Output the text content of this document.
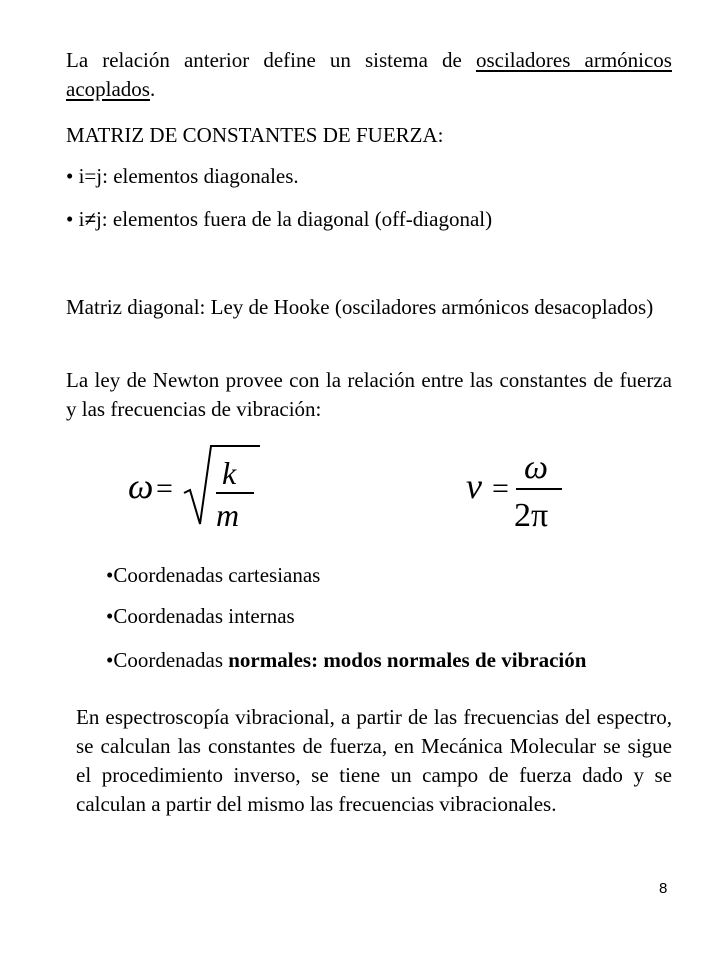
La relación anterior define un sistema de osciladores armónicos acoplados.

MATRIZ DE CONSTANTES DE FUERZA:

• i=j: elementos diagonales.

• i≠j: elementos fuera de la diagonal (off-diagonal)

Matriz diagonal: Ley de Hooke (osciladores armónicos desacoplados)

La ley de Newton provee con la relación entre las constantes de fuerza y las frecuencias de vibración:

ω = k
m
ν =
ω
2π

•Coordenadas cartesianas

•Coordenadas internas

•Coordenadas normales: modos normales de vibración

En espectroscopía vibracional, a partir de las frecuencias del espectro, se calculan las constantes de fuerza, en Mecánica Molecular se sigue el procedimiento inverso, se tiene un campo de fuerza dado y se calculan a partir del mismo las frecuencias vibracionales.

8
